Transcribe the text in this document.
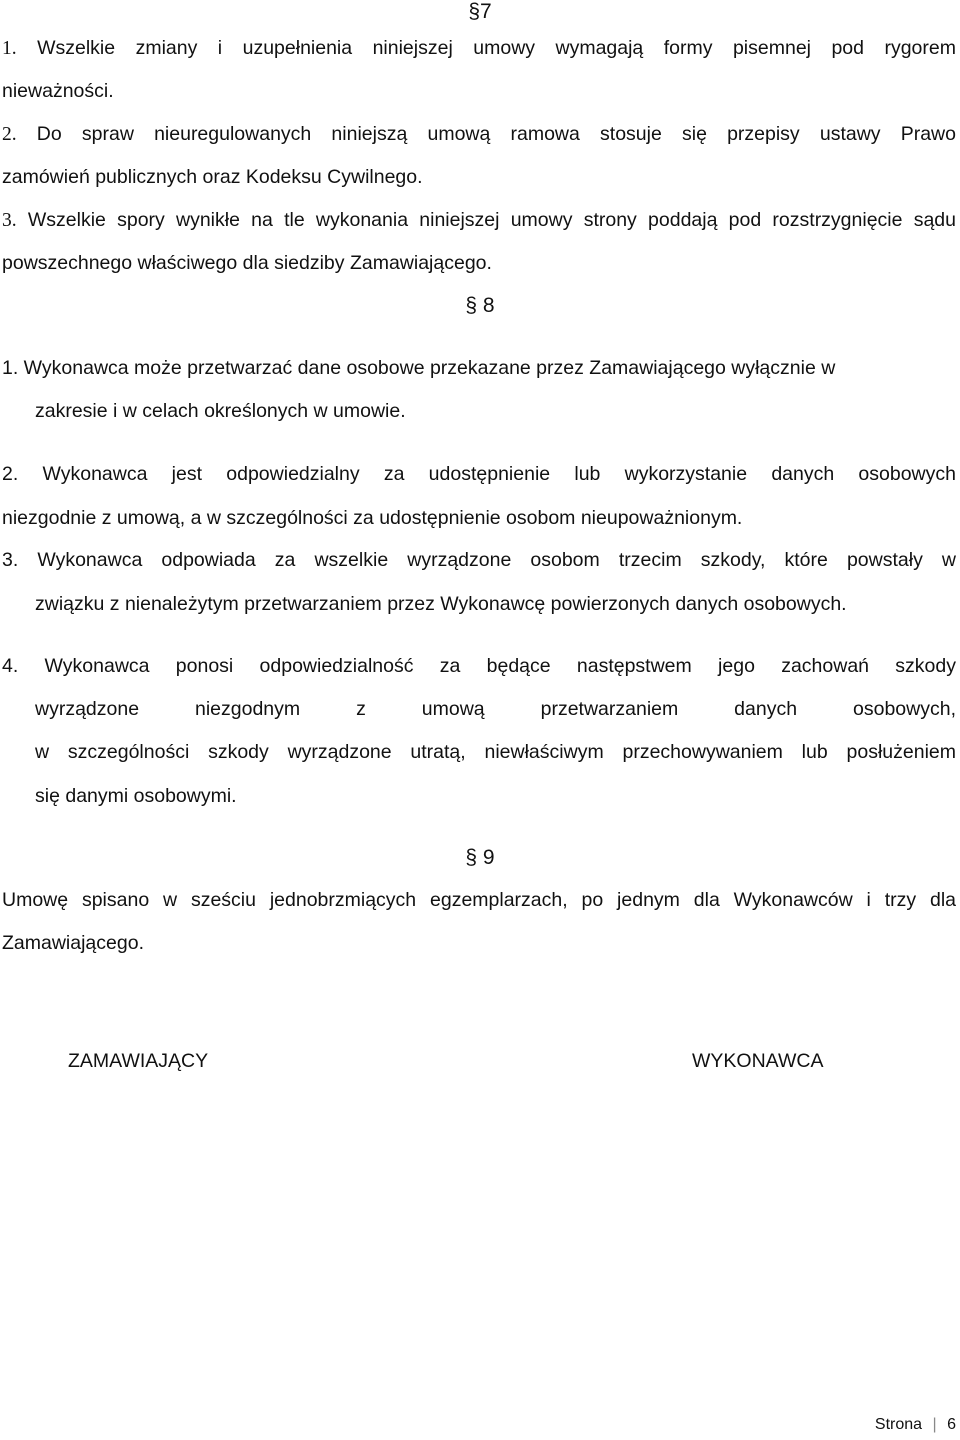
§7
1. Wszelkie zmiany i uzupełnienia niniejszej umowy wymagają formy pisemnej pod rygorem
nieważności.
2. Do spraw nieuregulowanych niniejszą umową ramowa stosuje się przepisy ustawy Prawo
zamówień publicznych oraz Kodeksu Cywilnego.
3. Wszelkie spory wynikłe na tle wykonania niniejszej umowy strony poddają pod rozstrzygnięcie sądu
powszechnego właściwego dla siedziby Zamawiającego.
§ 8
1. Wykonawca może przetwarzać dane osobowe przekazane przez Zamawiającego wyłącznie w
zakresie i w celach określonych w umowie.
2. Wykonawca jest odpowiedzialny za udostępnienie lub wykorzystanie danych osobowych
niezgodnie z umową, a w szczególności za udostępnienie osobom nieupoważnionym.
3. Wykonawca odpowiada za wszelkie wyrządzone osobom trzecim szkody, które powstały w
związku z nienależytym przetwarzaniem przez Wykonawcę powierzonych danych osobowych.
4. Wykonawca ponosi odpowiedzialność za będące następstwem jego zachowań szkody
wyrządzone niezgodnym z umową przetwarzaniem danych osobowych,
w szczególności szkody wyrządzone utratą, niewłaściwym przechowywaniem lub posłużeniem
się danymi osobowymi.
§ 9
Umowę spisano w sześciu jednobrzmiących egzemplarzach, po jednym dla Wykonawców i trzy dla
Zamawiającego.
ZAMAWIAJĄCY	WYKONAWCA
Strona | 6
